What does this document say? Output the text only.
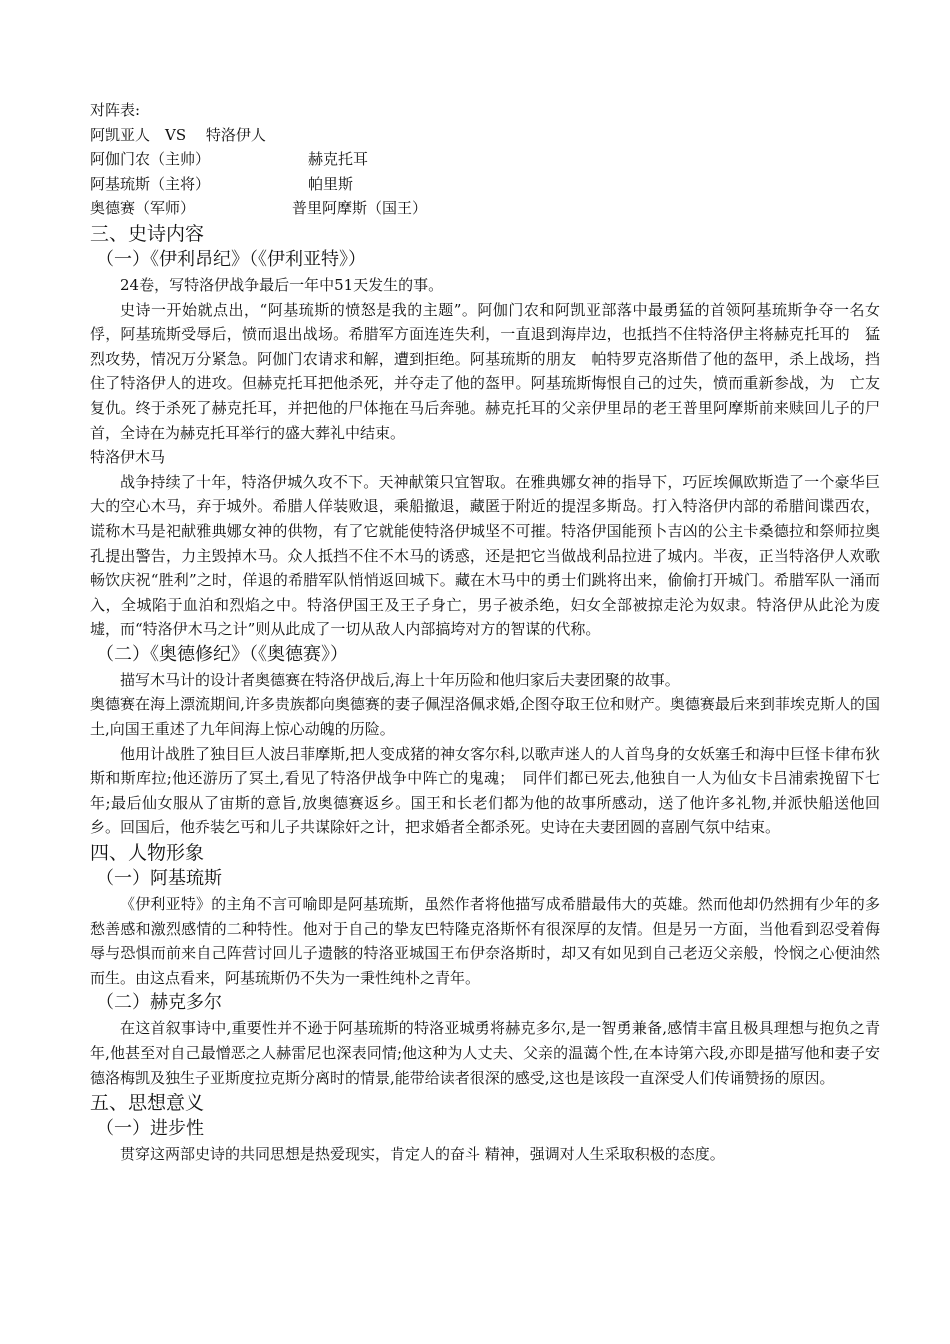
对阵表:
阿凯亚人　VS　 特洛伊人
阿伽门农（主帅）	赫克托耳
阿基琉斯（主将）	帕里斯
奥德赛（军师）	普里阿摩斯（国王）
三、史诗内容
（一）《伊利昂纪》（《伊利亚特》）

24卷，写特洛伊战争最后一年中51天发生的事。

史诗一开始就点出，“阿基琉斯的愤怒是我的主题”。阿伽门农和阿凯亚部落中最勇猛的首领阿基琉斯争夺一名女俘，阿基琉斯受辱后，愤而退出战场。希腊军方面连连失利，一直退到海岸边，也抵挡不住特洛伊主将赫克托耳的　猛烈攻势，情况万分紧急。阿伽门农请求和解，遭到拒绝。阿基琉斯的朋友　帕特罗克洛斯借了他的盔甲，杀上战场，挡住了特洛伊人的进攻。但赫克托耳把他杀死，并夺走了他的盔甲。阿基琉斯悔恨自己的过失，愤而重新参战，为　亡友复仇。终于杀死了赫克托耳，并把他的尸体拖在马后奔驰。赫克托耳的父亲伊里昂的老王普里阿摩斯前来赎回儿子的尸首，全诗在为赫克托耳举行的盛大葬礼中结束。

特洛伊木马

战争持续了十年，特洛伊城久攻不下。天神献策只宜智取。在雅典娜女神的指导下，巧匠埃佩欧斯造了一个豪华巨大的空心木马，弃于城外。希腊人佯装败退，乘船撤退，藏匿于附近的提涅多斯岛。打入特洛伊内部的希腊间谍西农，谎称木马是祀献雅典娜女神的供物，有了它就能使特洛伊城坚不可摧。特洛伊国能预卜吉凶的公主卡桑德拉和祭师拉奥孔提出警告，力主毁掉木马。众人抵挡不住不木马的诱惑，还是把它当做战利品拉进了城内。半夜，正当特洛伊人欢歌畅饮庆祝“胜利”之时，佯退的希腊军队悄悄返回城下。藏在木马中的勇士们跳将出来，偷偷打开城门。希腊军队一涌而入，全城陷于血泊和烈焰之中。特洛伊国王及王子身亡，男子被杀绝，妇女全部被掠走沦为奴隶。特洛伊从此沦为废墟，而“特洛伊木马之计”则从此成了一切从敌人内部搞垮对方的智谋的代称。

（二）《奥德修纪》（《奥德赛》）

描写木马计的设计者奥德赛在特洛伊战后,海上十年历险和他归家后夫妻团聚的故事。

奥德赛在海上漂流期间,许多贵族都向奥德赛的妻子佩涅洛佩求婚,企图夺取王位和财产。奥德赛最后来到菲埃克斯人的国土,向国王重述了九年间海上惊心动魄的历险。

他用计战胜了独目巨人波吕菲摩斯,把人变成猪的神女客尔科,以歌声迷人的人首鸟身的女妖塞壬和海中巨怪卡律布狄斯和斯库拉;他还游历了冥土,看见了特洛伊战争中阵亡的鬼魂；　同伴们都已死去,他独自一人为仙女卡吕浦索挽留下七年;最后仙女服从了宙斯的意旨,放奥德赛返乡。国王和长老们都为他的故事所感动，送了他许多礼物,并派快船送他回乡。回国后，他乔装乞丐和儿子共谋除奸之计，把求婚者全都杀死。史诗在夫妻团圆的喜剧气氛中结束。

四、人物形象
（一）阿基琉斯

《伊利亚特》的主角不言可喻即是阿基琉斯，虽然作者将他描写成希腊最伟大的英雄。然而他却仍然拥有少年的多愁善感和激烈感情的二种特性。他对于自己的挚友巴特隆克洛斯怀有很深厚的友情。但是另一方面，当他看到忍受着侮辱与恐惧而前来自己阵营讨回儿子遗骸的特洛亚城国王布伊奈洛斯时，却又有如见到自己老迈父亲般，怜悯之心便油然而生。由这点看来，阿基琉斯仍不失为一秉性纯朴之青年。

（二）赫克多尔

在这首叙事诗中,重要性并不逊于阿基琉斯的特洛亚城勇将赫克多尔,是一智勇兼备,感情丰富且极具理想与抱负之青年,他甚至对自己最憎恶之人赫雷尼也深表同情;他这种为人丈夫、父亲的温蔼个性,在本诗第六段,亦即是描写他和妻子安德洛梅凯及独生子亚斯度拉克斯分离时的情景,能带给读者很深的感受,这也是该段一直深受人们传诵赞扬的原因。

五、思想意义
（一）进步性

贯穿这两部史诗的共同思想是热爱现实，肯定人的奋斗 精神，强调对人生采取积极的态度。
